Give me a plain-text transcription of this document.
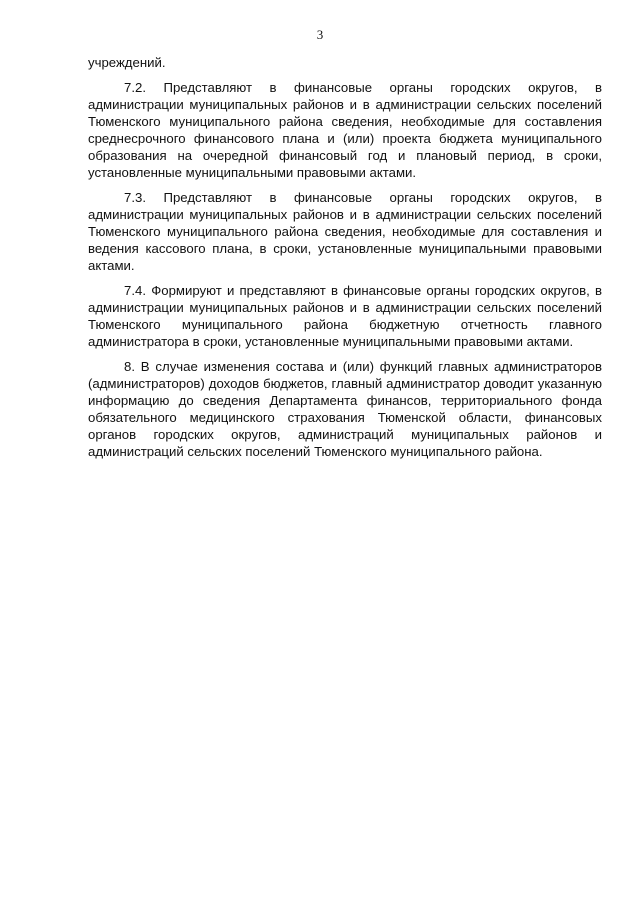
3

учреждений.

7.2. Представляют в финансовые органы городских округов, в администрации муниципальных районов и в администрации сельских поселений Тюменского муниципального района сведения, необходимые для составления среднесрочного финансового плана и (или) проекта бюджета муниципального образования на очередной финансовый год и плановый период, в сроки, установленные муниципальными правовыми актами.

7.3. Представляют в финансовые органы городских округов, в администрации муниципальных районов и в администрации сельских поселений Тюменского муниципального района сведения, необходимые для составления и ведения кассового плана, в сроки, установленные муниципальными правовыми актами.

7.4. Формируют и представляют в финансовые органы городских округов, в администрации муниципальных районов и в администрации сельских поселений Тюменского муниципального района бюджетную отчетность главного администратора в сроки, установленные муниципальными правовыми актами.

8. В случае изменения состава и (или) функций главных администраторов (администраторов) доходов бюджетов, главный администратор доводит указанную информацию до сведения Департамента финансов, территориального фонда обязательного медицинского страхования Тюменской области, финансовых органов городских округов, администраций муниципальных районов и администраций сельских поселений Тюменского муниципального района.
